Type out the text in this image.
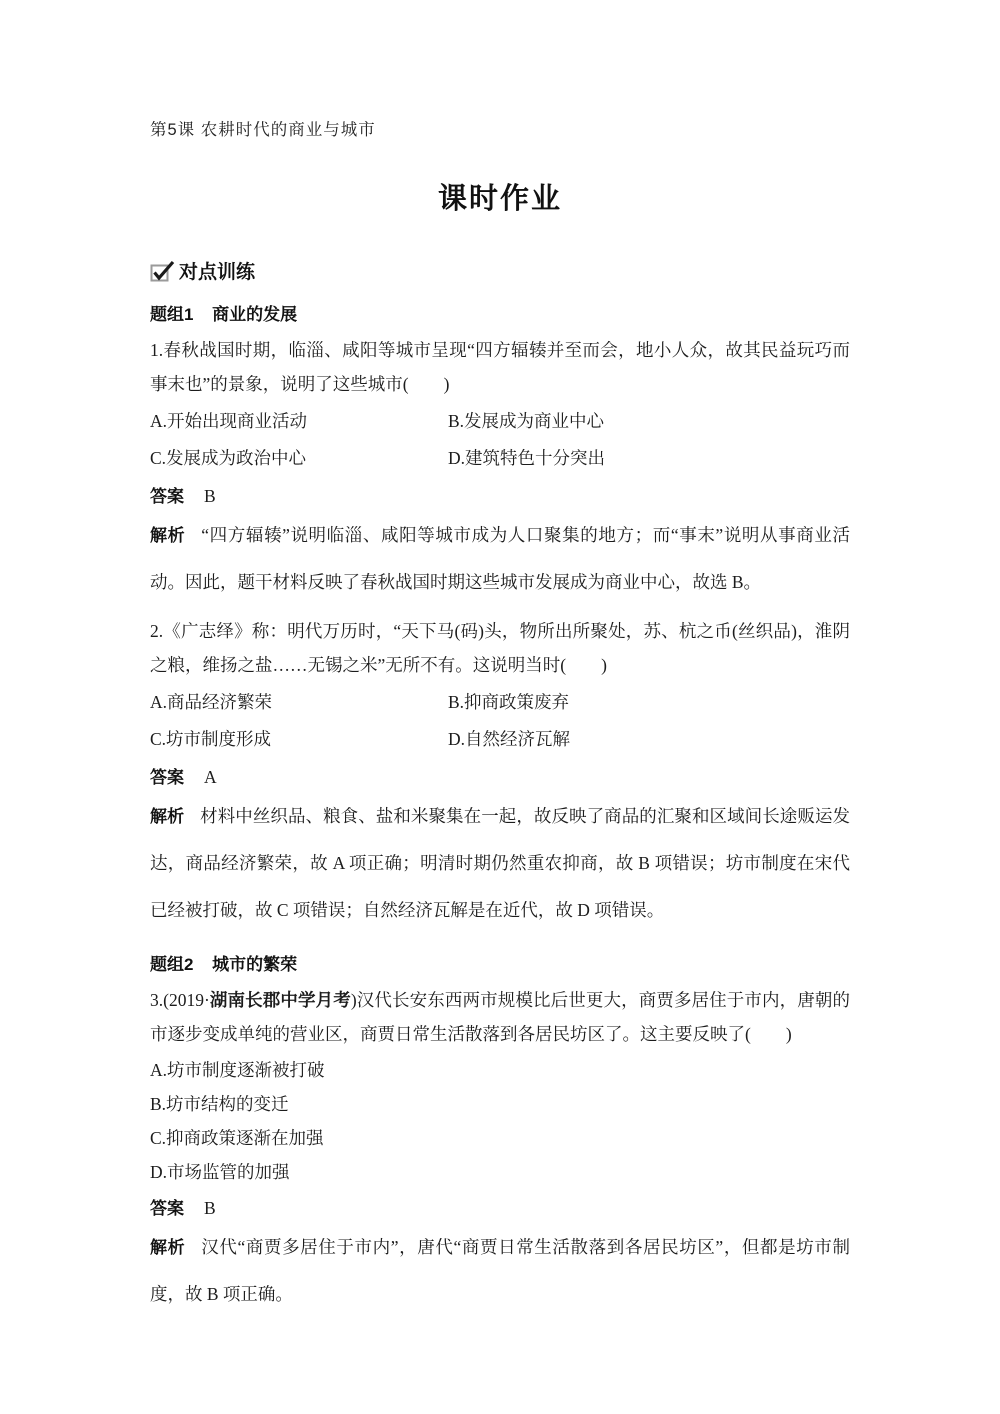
第5课 农耕时代的商业与城市
课时作业
对点训练
题组1 商业的发展

1.春秋战国时期，临淄、咸阳等城市呈现“四方辐辏并至而会，地小人众，故其民益玩巧而事末也”的景象，说明了这些城市(　　)

A.开始出现商业活动	B.发展成为商业中心
C.发展成为政治中心	D.建筑特色十分突出
答案 B

解析 “四方辐辏”说明临淄、咸阳等城市成为人口聚集的地方；而“事末”说明从事商业活动。因此，题干材料反映了春秋战国时期这些城市发展成为商业中心，故选 B。

2.《广志绎》称：明代万历时，“天下马(码)头，物所出所聚处，苏、杭之币(丝织品)，淮阴之粮，维扬之盐……无锡之米”无所不有。这说明当时(　　)

A.商品经济繁荣	B.抑商政策废弃
C.坊市制度形成	D.自然经济瓦解
答案 A

解析 材料中丝织品、粮食、盐和米聚集在一起，故反映了商品的汇聚和区域间长途贩运发达，商品经济繁荣，故 A 项正确；明清时期仍然重农抑商，故 B 项错误；坊市制度在宋代已经被打破，故 C 项错误；自然经济瓦解是在近代，故 D 项错误。

题组2 城市的繁荣

3.(2019·湖南长郡中学月考)汉代长安东西两市规模比后世更大，商贾多居住于市内，唐朝的市逐步变成单纯的营业区，商贾日常生活散落到各居民坊区了。这主要反映了(　　)

A.坊市制度逐渐被打破
B.坊市结构的变迁
C.抑商政策逐渐在加强
D.市场监管的加强
答案 B

解析 汉代“商贾多居住于市内”，唐代“商贾日常生活散落到各居民坊区”，但都是坊市制度，故 B 项正确。
